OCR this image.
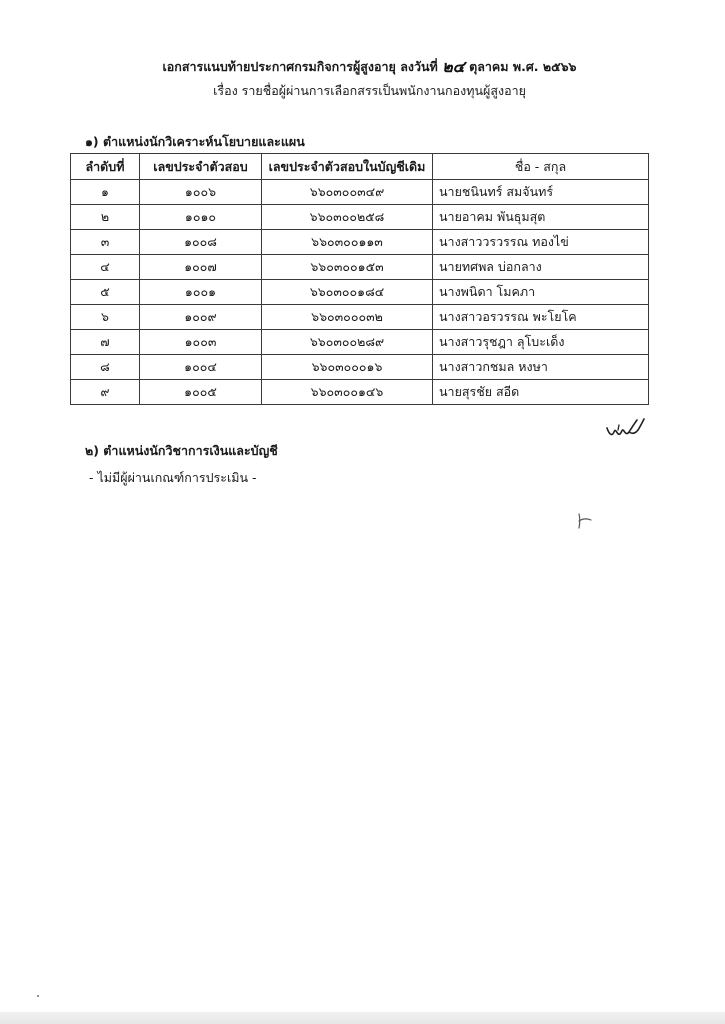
เอกสารแนบท้ายประกาศกรมกิจการผู้สูงอายุ ลงวันที่ ๒๔ ตุลาคม พ.ศ. ๒๕๖๖
เรื่อง รายชื่อผู้ผ่านการเลือกสรรเป็นพนักงานกองทุนผู้สูงอายุ
๑) ตำแหน่งนักวิเคราะห์นโยบายและแผน
ลำดับที่	เลขประจำตัวสอบ	เลขประจำตัวสอบในบัญชีเดิม	ชื่อ - สกุล
๑	๑๐๐๖	๖๖๐๓๐๐๓๔๙	นายชนินทร์ สมจันทร์
๒	๑๐๑๐	๖๖๐๓๐๐๒๕๘	นายอาคม พันธุมสุต
๓	๑๐๐๘	๖๖๐๓๐๐๑๑๓	นางสาววรวรรณ ทองไข่
๔	๑๐๐๗	๖๖๐๓๐๐๑๕๓	นายทศพล บ่อกลาง
๕	๑๐๐๑	๖๖๐๓๐๐๑๘๔	นางพนิดา โมคภา
๖	๑๐๐๙	๖๖๐๓๐๐๐๓๒	นางสาวอรวรรณ พะโยโค
๗	๑๐๐๓	๖๖๐๓๐๐๒๘๙	นางสาวรุชฎา ลุโบะเด็ง
๘	๑๐๐๔	๖๖๐๓๐๐๐๑๖	นางสาวกชมล หงษา
๙	๑๐๐๕	๖๖๐๓๐๐๑๔๖	นายสุรชัย สอีด
๒) ตำแหน่งนักวิชาการเงินและบัญชี
- ไม่มีผู้ผ่านเกณฑ์การประเมิน -
